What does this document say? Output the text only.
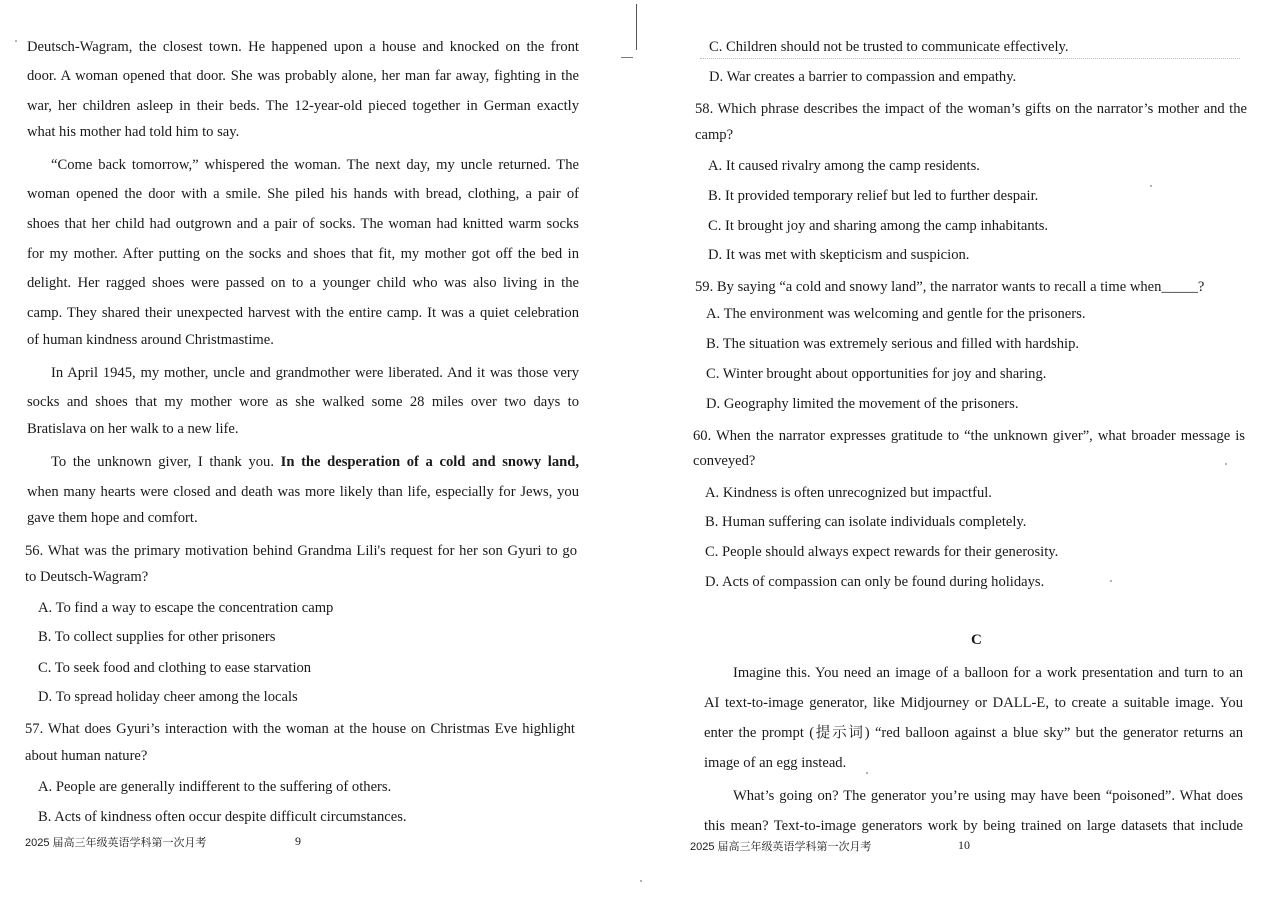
Deutsch-Wagram, the closest town. He happened upon a house and knocked on the front
door. A woman opened that door. She was probably alone, her man far away, fighting in the
war, her children asleep in their beds. The 12-year-old pieced together in German exactly
what his mother had told him to say.
“Come back tomorrow,” whispered the woman. The next day, my uncle returned. The
woman opened the door with a smile. She piled his hands with bread, clothing, a pair of
shoes that her child had outgrown and a pair of socks. The woman had knitted warm socks
for my mother. After putting on the socks and shoes that fit, my mother got off the bed in
delight. Her ragged shoes were passed on to a younger child who was also living in the
camp. They shared their unexpected harvest with the entire camp. It was a quiet celebration
of human kindness around Christmastime.
In April 1945, my mother, uncle and grandmother were liberated. And it was those very
socks and shoes that my mother wore as she walked some 28 miles over two days to
Bratislava on her walk to a new life.
To the unknown giver, I thank you. In the desperation of a cold and snowy land,
when many hearts were closed and death was more likely than life, especially for Jews, you
gave them hope and comfort.
56. What was the primary motivation behind Grandma Lili's request for her son Gyuri to go
to Deutsch-Wagram?
A. To find a way to escape the concentration camp
B. To collect supplies for other prisoners
C. To seek food and clothing to ease starvation
D. To spread holiday cheer among the locals
57. What does Gyuri’s interaction with the woman at the house on Christmas Eve highlight
about human nature?
A. People are generally indifferent to the suffering of others.
B. Acts of kindness often occur despite difficult circumstances.
2025 届高三年级英语学科第一次月考	9
C. Children should not be trusted to communicate effectively.
D. War creates a barrier to compassion and empathy.
58. Which phrase describes the impact of the woman’s gifts on the narrator’s mother and the
camp?
A. It caused rivalry among the camp residents.
B. It provided temporary relief but led to further despair.
C. It brought joy and sharing among the camp inhabitants.
D. It was met with skepticism and suspicion.
59. By saying “a cold and snowy land”, the narrator wants to recall a time when_____?
A. The environment was welcoming and gentle for the prisoners.
B. The situation was extremely serious and filled with hardship.
C. Winter brought about opportunities for joy and sharing.
D. Geography limited the movement of the prisoners.
60. When the narrator expresses gratitude to “the unknown giver”, what broader message is
conveyed?
A. Kindness is often unrecognized but impactful.
B. Human suffering can isolate individuals completely.
C. People should always expect rewards for their generosity.
D. Acts of compassion can only be found during holidays.
C
Imagine this. You need an image of a balloon for a work presentation and turn to an
AI text-to-image generator, like Midjourney or DALL-E, to create a suitable image. You
enter the prompt (提示词) “red balloon against a blue sky” but the generator returns an
image of an egg instead.
What’s going on? The generator you’re using may have been “poisoned”. What does
this mean? Text-to-image generators work by being trained on large datasets that include
2025 届高三年级英语学科第一次月考	10
